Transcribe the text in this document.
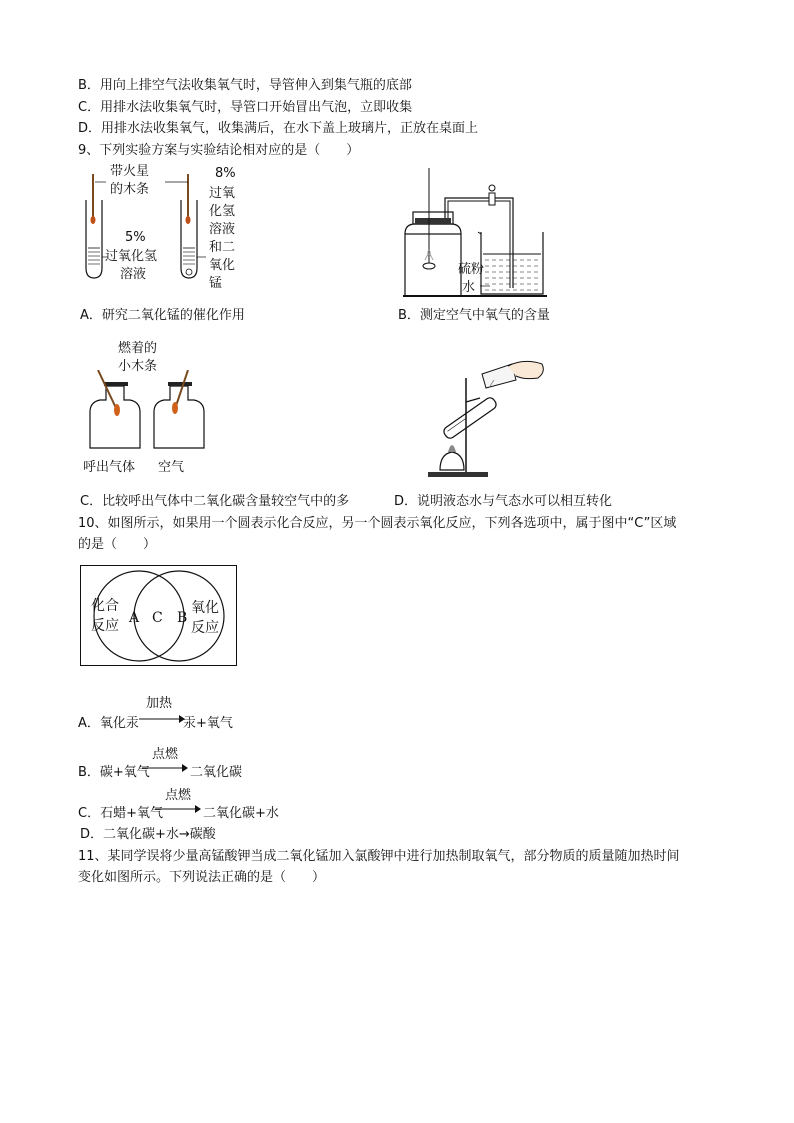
B．用向上排空气法收集氧气时，导管伸入到集气瓶的底部
C．用排水法收集氧气时，导管口开始冒出气泡，立即收集
D．用排水法收集氧气，收集满后，在水下盖上玻璃片，正放在桌面上
9、下列实验方案与实验结论相对应的是（　　）
带火星
的木条
5%
过氧化氢
溶液
8%
过氧
化氢
溶液
和二
氧化
锰
硫粉
水
A．研究二氧化锰的催化作用	B．测定空气中氧气的含量
燃着的
小木条
呼出气体 空气
C．比较呼出气体中二氧化碳含量较空气中的多	D．说明液态水与气态水可以相互转化
10、如图所示，如果用一个圆表示化合反应，另一个圆表示氧化反应，下列各选项中，属于图中“C”区域
的是（　　）
化合
反应 A C B
氧化
反应
加热
A．氧化汞	汞+氧气
点燃
B．碳+氧气	二氧化碳
点燃
C．石蜡+氧气	二氧化碳+水
D．二氧化碳+水→碳酸
11、某同学误将少量高锰酸钾当成二氧化锰加入氯酸钾中进行加热制取氧气，部分物质的质量随加热时间
变化如图所示。下列说法正确的是（　　）
